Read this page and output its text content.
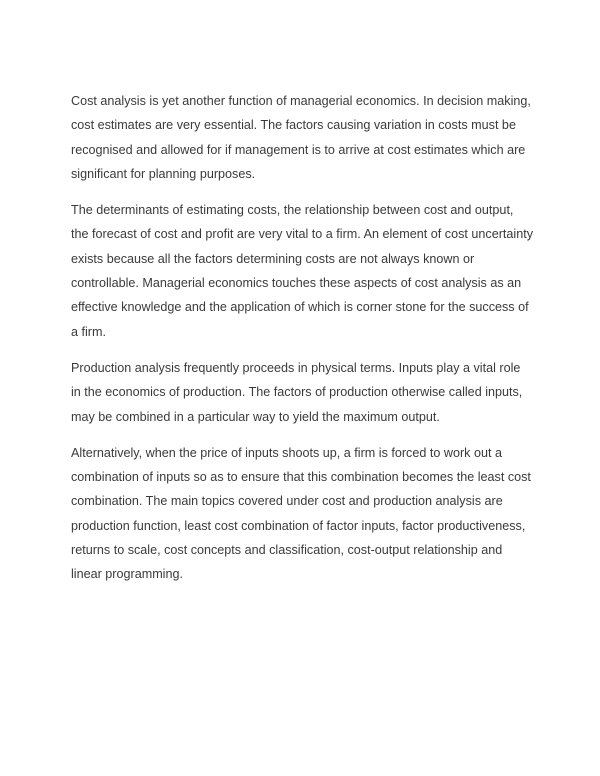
Cost analysis is yet another function of managerial economics. In decision making, cost estimates are very essential. The factors causing variation in costs must be recognised and allowed for if management is to arrive at cost estimates which are significant for planning purposes.

The determinants of estimating costs, the relationship between cost and output, the forecast of cost and profit are very vital to a firm. An element of cost uncertainty exists because all the factors determining costs are not always known or controllable. Managerial economics touches these aspects of cost analysis as an effective knowledge and the application of which is corner stone for the success of a firm.

Production analysis frequently proceeds in physical terms. Inputs play a vital role in the economics of production. The factors of production otherwise called inputs, may be combined in a particular way to yield the maximum output.

Alternatively, when the price of inputs shoots up, a firm is forced to work out a combination of inputs so as to ensure that this combination becomes the least cost combination. The main topics covered under cost and production analysis are production function, least cost combination of factor inputs, factor productiveness, returns to scale, cost concepts and classification, cost-output relationship and linear programming.
